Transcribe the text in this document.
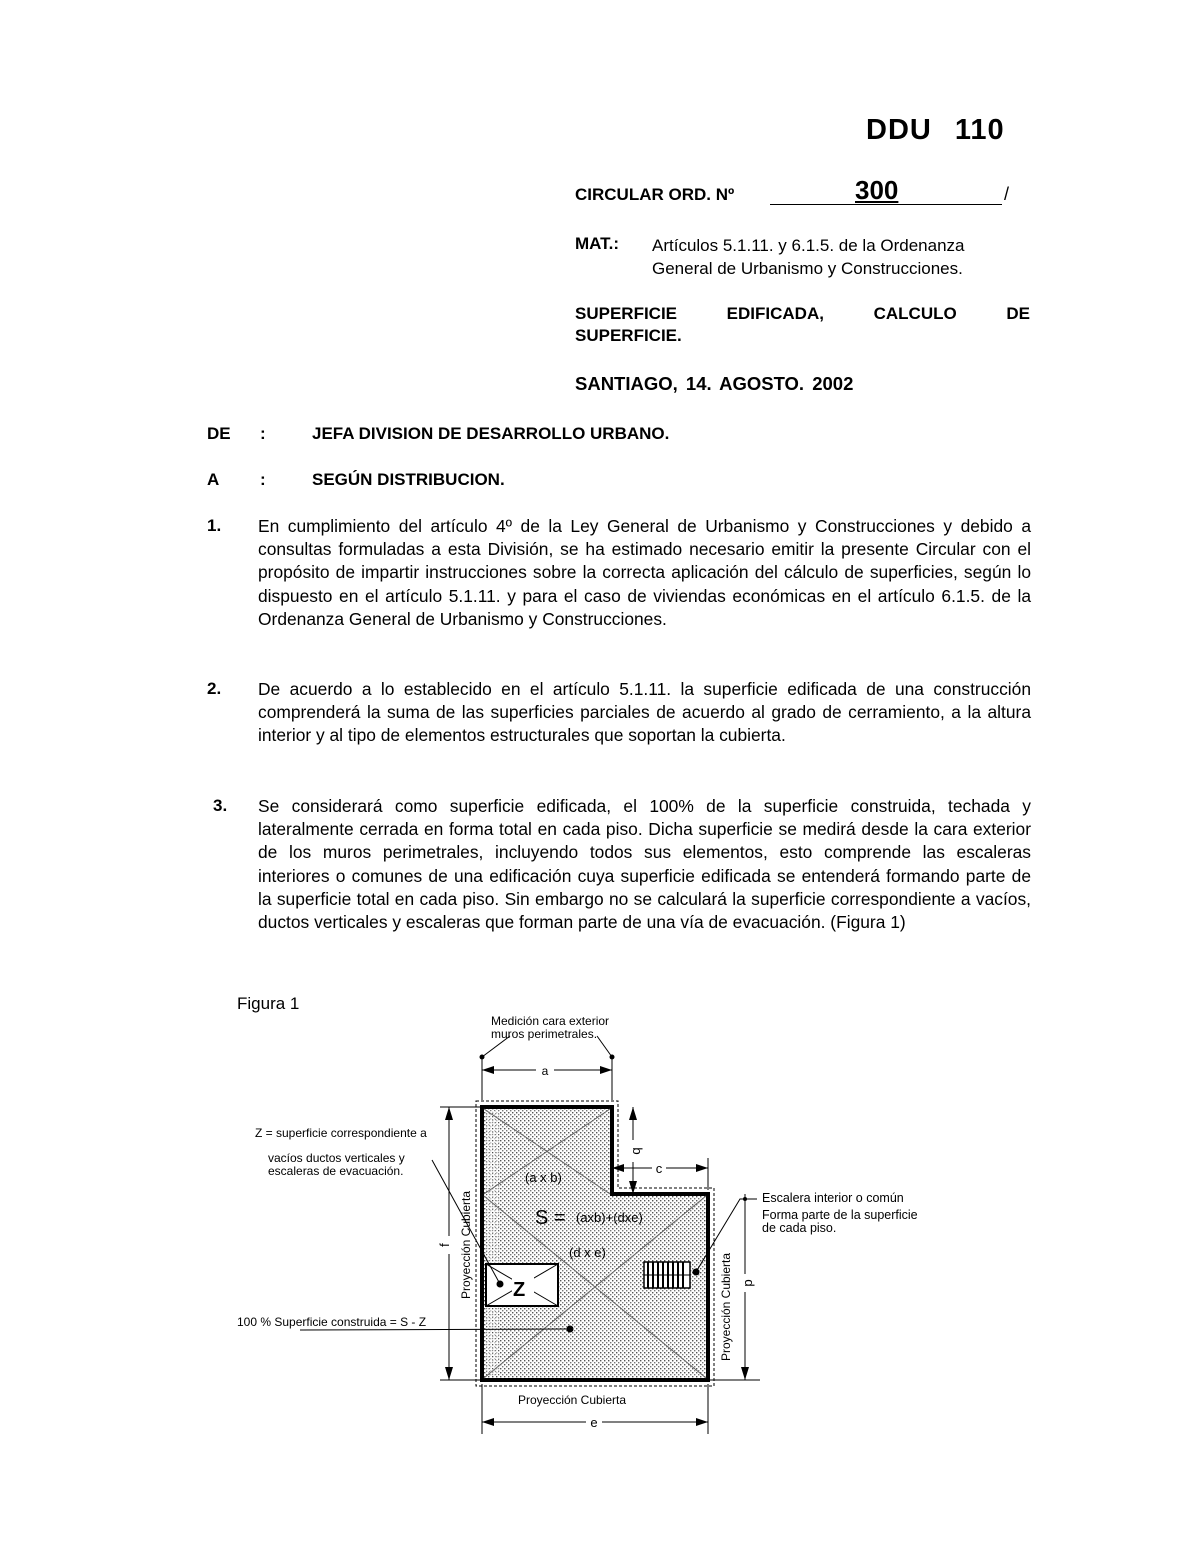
DDU 110
CIRCULAR ORD. Nº	300	/
MAT.: Artículos 5.1.11. y 6.1.5. de la Ordenanza
General de Urbanismo y Construcciones.
SUPERFICIE EDIFICADA, CALCULO DE
SUPERFICIE.
SANTIAGO, 14. AGOSTO. 2002
DE :	JEFA DIVISION DE DESARROLLO URBANO.
A :	SEGÚN DISTRIBUCION.
1. En cumplimiento del artículo 4º de la Ley General de Urbanismo y Construcciones y debido a consultas formuladas a esta División, se ha estimado necesario emitir la presente Circular con el propósito de impartir instrucciones sobre la correcta aplicación del cálculo de superficies, según lo dispuesto en el artículo 5.1.11. y para el caso de viviendas económicas en el artículo 6.1.5. de la Ordenanza General de Urbanismo y Construcciones.
2. De acuerdo a lo establecido en el artículo 5.1.11. la superficie edificada de una construcción comprenderá la suma de las superficies parciales de acuerdo al grado de cerramiento, a la altura interior y al tipo de elementos estructurales que soportan la cubierta.
3. Se considerará como superficie edificada, el 100% de la superficie construida, techada y lateralmente cerrada en forma total en cada piso. Dicha superficie se medirá desde la cara exterior de los muros perimetrales, incluyendo todos sus elementos, esto comprende las escaleras interiores o comunes de una edificación cuya superficie edificada se entenderá formando parte de la superficie total en cada piso. Sin embargo no se calculará la superficie correspondiente a vacíos, ductos verticales y escaleras que forman parte de una vía de evacuación. (Figura 1)
Figura 1
Medición cara exterior
muros perimetrales.
a
b
c
d
e
f
Z = superficie correspondiente a
vacíos ductos verticales y
escaleras de evacuación.	(a x b)
S = (axb)+(dxe)
(d x e)
Z
Escalera interior o común
Forma parte de la superficie
de cada piso.
100 % Superficie construida = S - Z
Proyección Cubierta
Proyección Cubierta
Proyección Cubierta
